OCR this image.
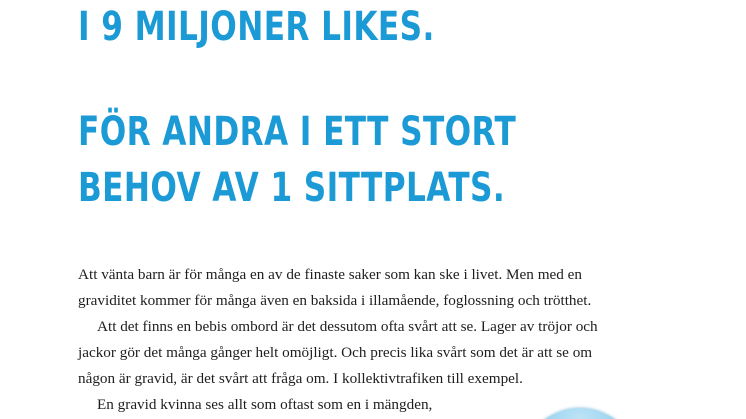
I 9 MILJONER LIKES.
FÖR ANDRA I ETT STORT
BEHOV AV 1 SITTPLATS.

Att vänta barn är för många en av de finaste saker som kan ske i livet. Men med en

graviditet kommer för många även en baksida i illamående, foglossning och trötthet.

Att det finns en bebis ombord är det dessutom ofta svårt att se. Lager av tröjor och

jackor gör det många gånger helt omöjligt. Och precis lika svårt som det är att se om

någon är gravid, är det svårt att fråga om. I kollektivtrafiken till exempel.

En gravid kvinna ses allt som oftast som en i mängden,
